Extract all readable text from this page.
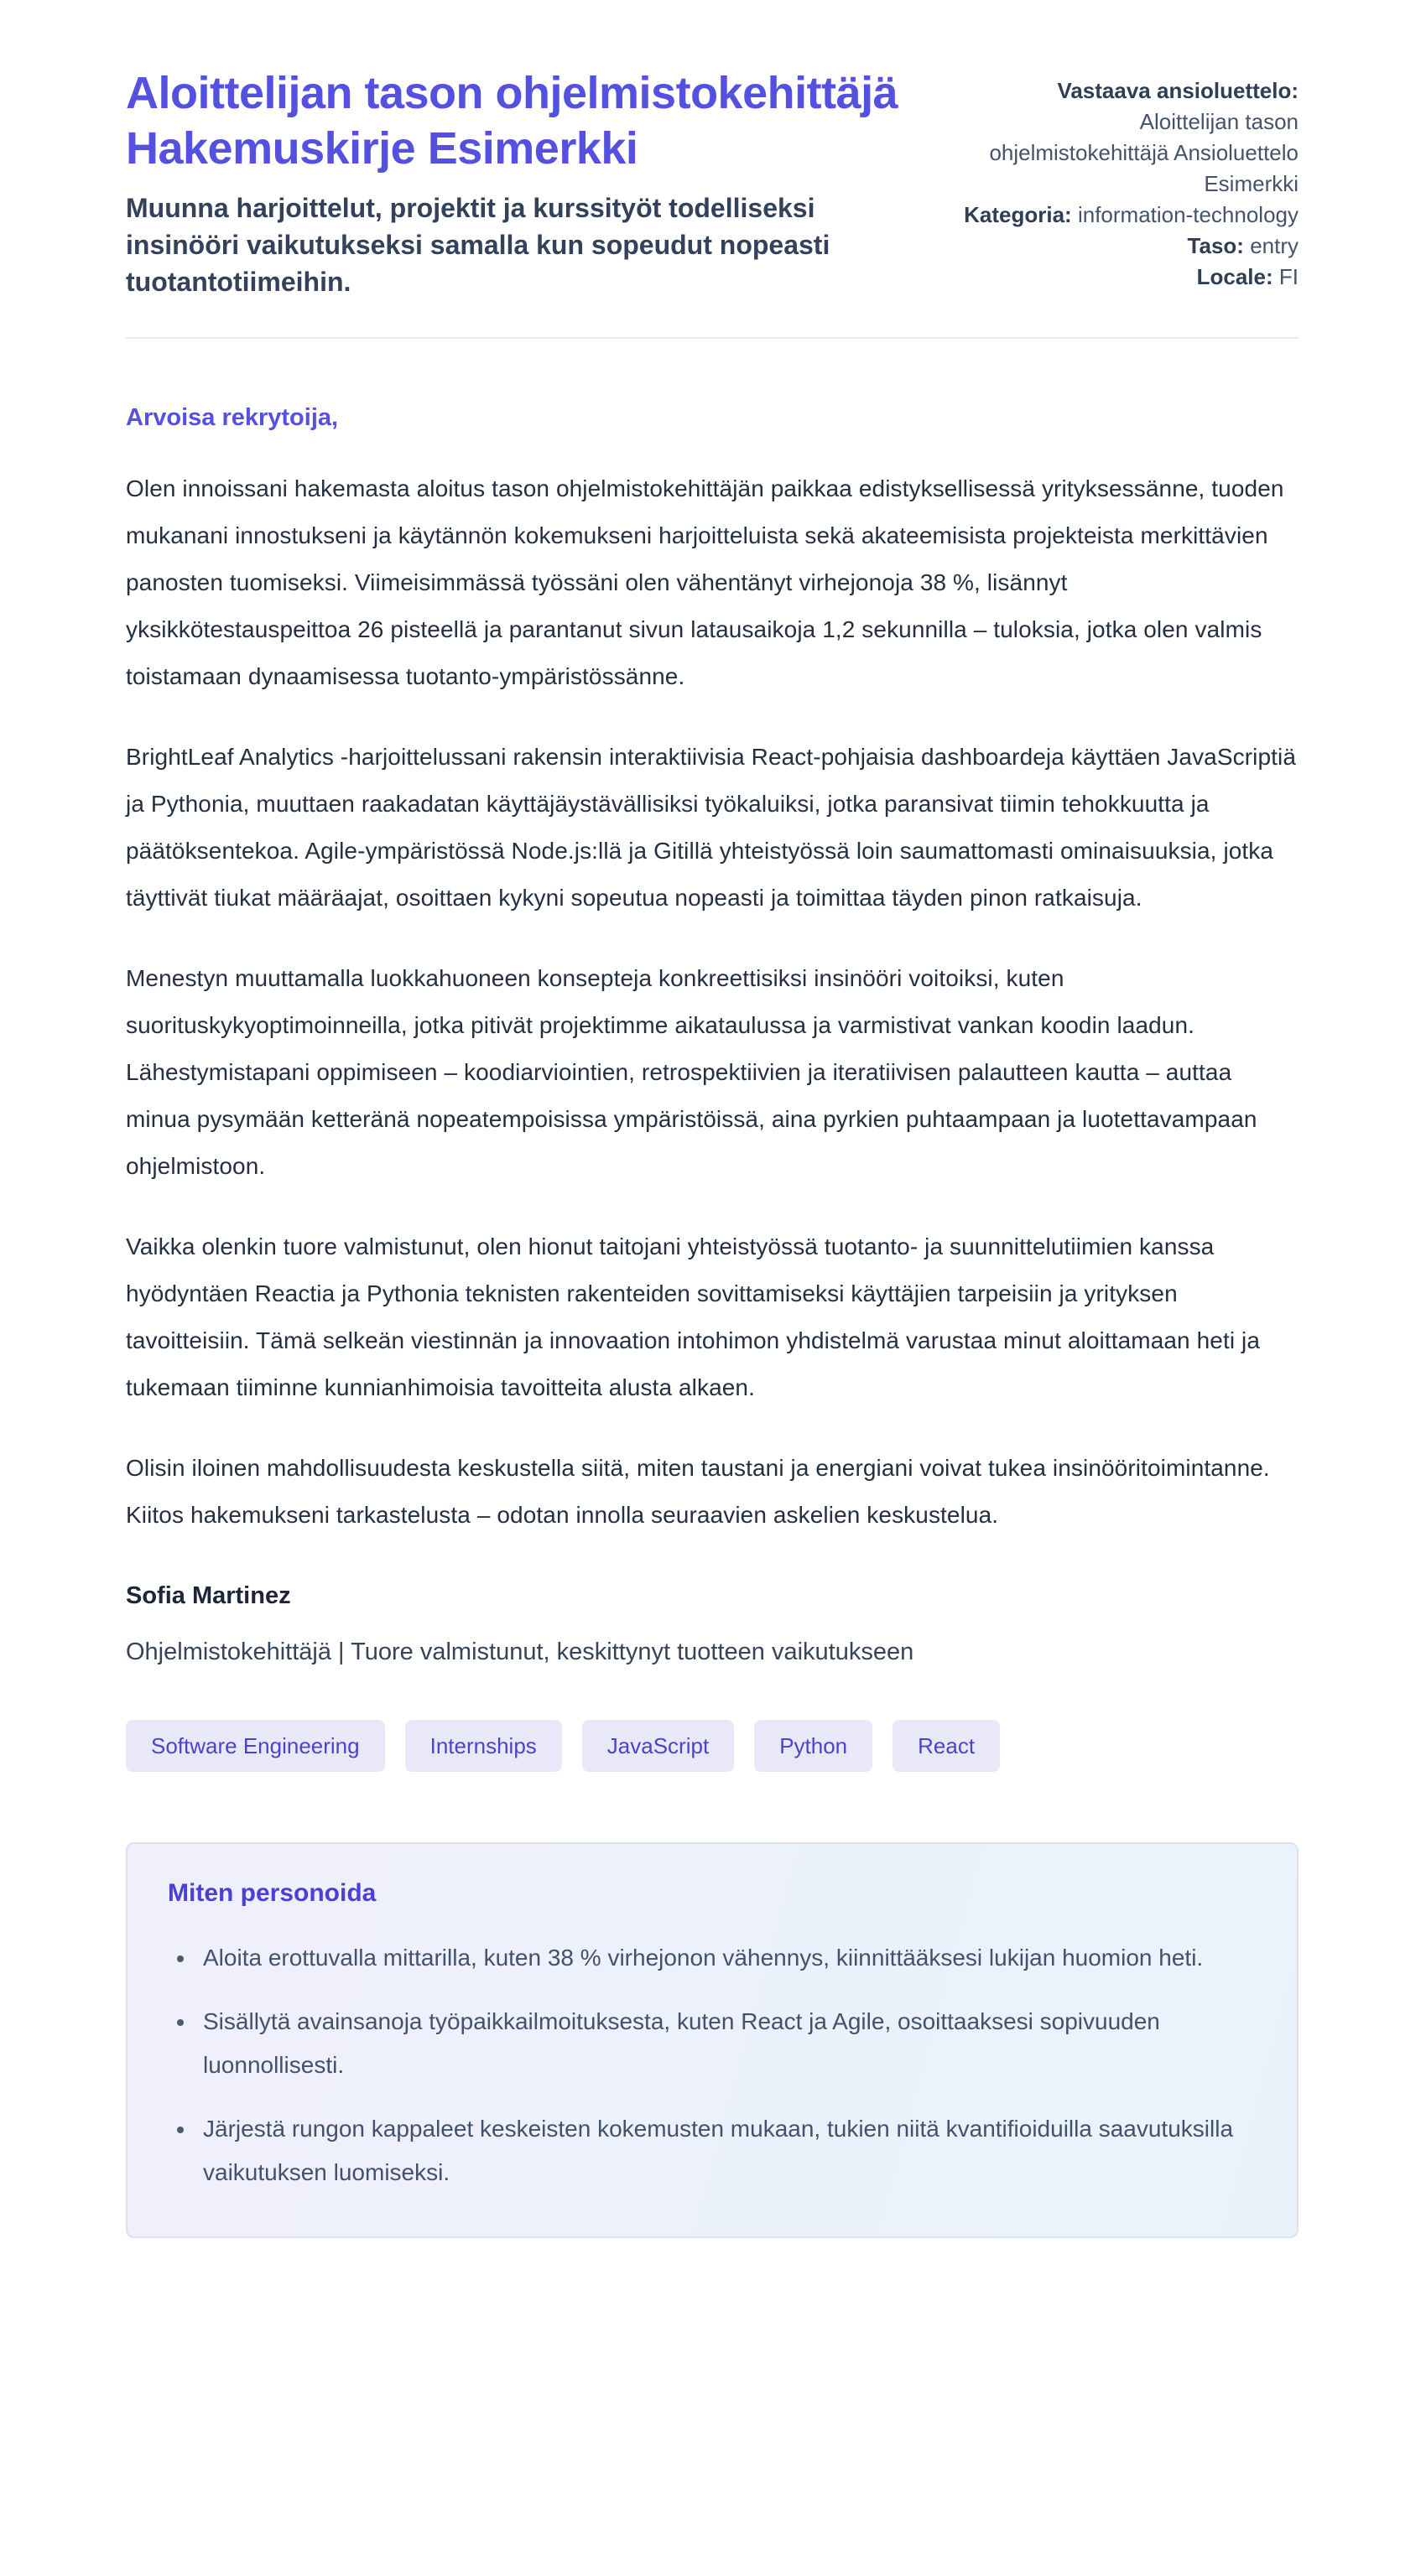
Aloittelijan tason ohjelmistokehittäjä Hakemuskirje Esimerkki

Muunna harjoittelut, projektit ja kurssityöt todelliseksi insinööri vaikutukseksi samalla kun sopeudut nopeasti tuotantotiimeihin.

Vastaava ansioluettelo: Aloittelijan tason ohjelmistokehittäjä Ansioluettelo Esimerkki
Kategoria: information-technology
Taso: entry
Locale: FI

Arvoisa rekrytoija,

Olen innoissani hakemasta aloitus tason ohjelmistokehittäjän paikkaa edistyksellisessä yrityksessänne, tuoden mukanani innostukseni ja käytännön kokemukseni harjoitteluista sekä akateemisista projekteista merkittävien panosten tuomiseksi. Viimeisimmässä työssäni olen vähentänyt virhejonoja 38 %, lisännyt yksikkötestauspeittoa 26 pisteellä ja parantanut sivun latausaikoja 1,2 sekunnilla – tuloksia, jotka olen valmis toistamaan dynaamisessa tuotanto-ympäristössänne.

BrightLeaf Analytics -harjoittelussani rakensin interaktiivisia React-pohjaisia dashboardeja käyttäen JavaScriptiä ja Pythonia, muuttaen raakadatan käyttäjäystävällisiksi työkaluiksi, jotka paransivat tiimin tehokkuutta ja päätöksentekoa. Agile-ympäristössä Node.js:llä ja Gitillä yhteistyössä loin saumattomasti ominaisuuksia, jotka täyttivät tiukat määräajat, osoittaen kykyni sopeutua nopeasti ja toimittaa täyden pinon ratkaisuja.

Menestyn muuttamalla luokkahuoneen konsepteja konkreettisiksi insinööri voitoiksi, kuten suorituskykyoptimoinneilla, jotka pitivät projektimme aikataulussa ja varmistivat vankan koodin laadun. Lähestymistapani oppimiseen – koodiarviointien, retrospektiivien ja iteratiivisen palautteen kautta – auttaa minua pysymään ketteränä nopeatempoisissa ympäristöissä, aina pyrkien puhtaampaan ja luotettavampaan ohjelmistoon.

Vaikka olenkin tuore valmistunut, olen hionut taitojani yhteistyössä tuotanto- ja suunnittelutiimien kanssa hyödyntäen Reactia ja Pythonia teknisten rakenteiden sovittamiseksi käyttäjien tarpeisiin ja yrityksen tavoitteisiin. Tämä selkeän viestinnän ja innovaation intohimon yhdistelmä varustaa minut aloittamaan heti ja tukemaan tiiminne kunnianhimoisia tavoitteita alusta alkaen.

Olisin iloinen mahdollisuudesta keskustella siitä, miten taustani ja energiani voivat tukea insinööritoimintanne. Kiitos hakemukseni tarkastelusta – odotan innolla seuraavien askelien keskustelua.

Sofia Martinez

Ohjelmistokehittäjä | Tuore valmistunut, keskittynyt tuotteen vaikutukseen

Software Engineering	Internships	JavaScript	Python	React
Miten personoida
• Aloita erottuvalla mittarilla, kuten 38 % virhejonon vähennys, kiinnittääksesi lukijan huomion heti.
• Sisällytä avainsanoja työpaikkailmoituksesta, kuten React ja Agile, osoittaaksesi sopivuuden luonnollisesti.
• Järjestä rungon kappaleet keskeisten kokemusten mukaan, tukien niitä kvantifioiduilla saavutuksilla vaikutuksen luomiseksi.
